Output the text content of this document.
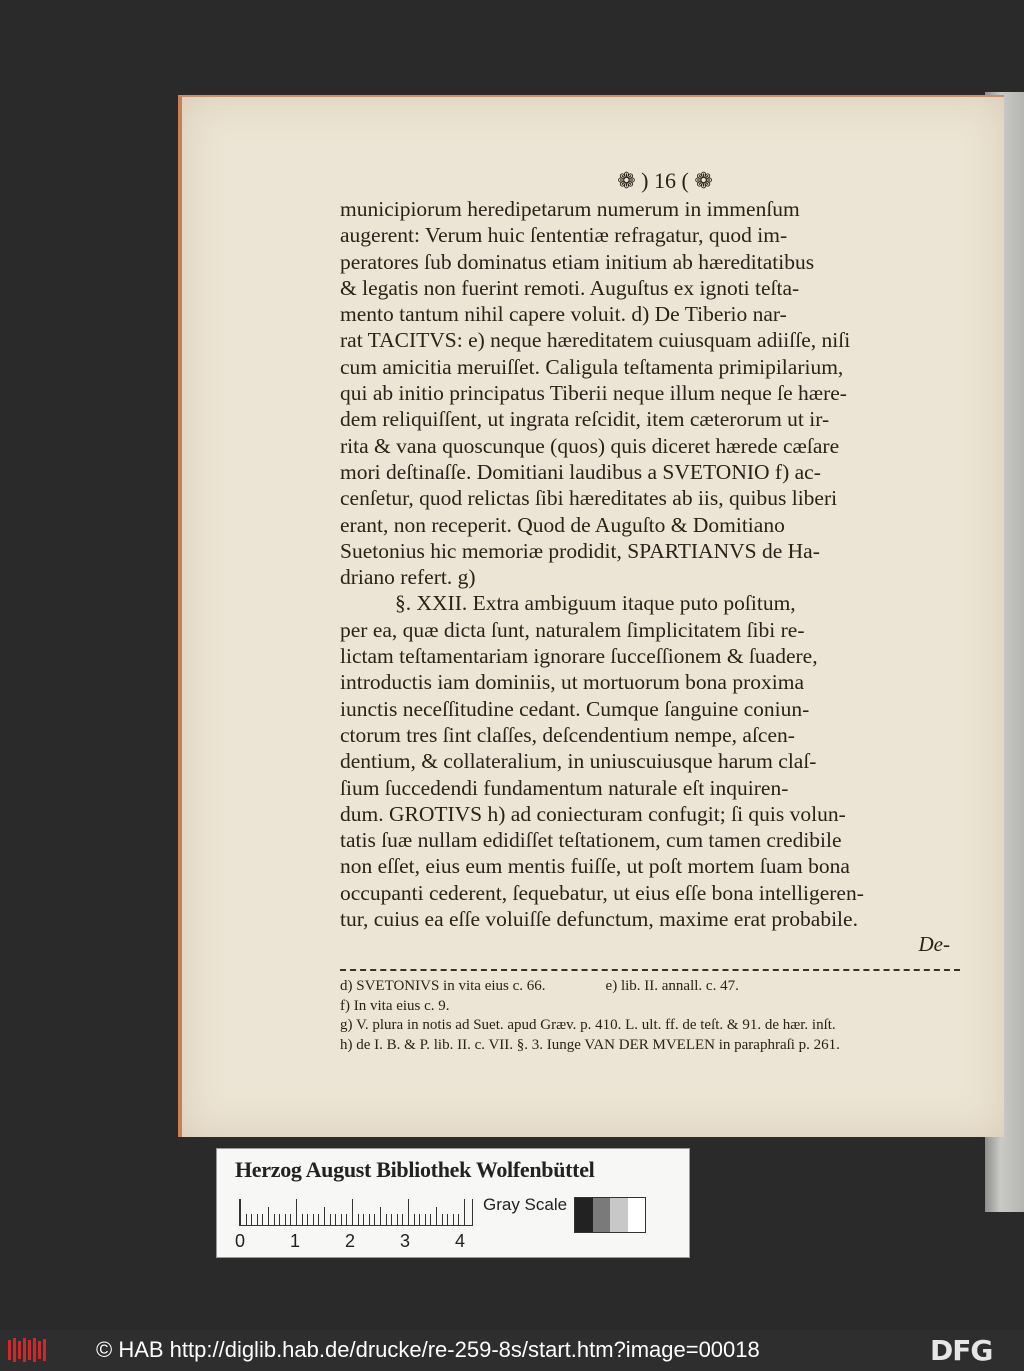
❁ ) 16 ( ❁

municipiorum heredipetarum numerum in immenſum

augerent: Verum huic ſententiæ refragatur, quod im-

peratores ſub dominatus etiam initium ab hæreditatibus

& legatis non fuerint remoti. Auguſtus ex ignoti teſta-

mento tantum nihil capere voluit. d) De Tiberio nar-

rat TACITVS: e) neque hæreditatem cuiusquam adiiſſe, niſi

cum amicitia meruiſſet. Caligula teſtamenta primipilarium,

qui ab initio principatus Tiberii neque illum neque ſe hære-

dem reliquiſſent, ut ingrata reſcidit, item cæterorum ut ir-

rita & vana quoscunque (quos) quis diceret hærede cæſare

mori deſtinaſſe. Domitiani laudibus a SVETONIO f) ac-

cenſetur, quod relictas ſibi hæreditates ab iis, quibus liberi

erant, non receperit. Quod de Auguſto & Domitiano

Suetonius hic memoriæ prodidit, SPARTIANVS de Ha-

driano refert. g)

§. XXII. Extra ambiguum itaque puto poſitum,

per ea, quæ dicta ſunt, naturalem ſimplicitatem ſibi re-

lictam teſtamentariam ignorare ſucceſſionem & ſuadere,

introductis iam dominiis, ut mortuorum bona proxima

iunctis neceſſitudine cedant. Cumque ſanguine coniun-

ctorum tres ſint claſſes, deſcendentium nempe, aſcen-

dentium, & collateralium, in uniuscuiusque harum claſ-

ſium ſuccedendi fundamentum naturale eſt inquiren-

dum. GROTIVS h) ad coniecturam confugit; ſi quis volun-

tatis ſuæ nullam edidiſſet teſtationem, cum tamen credibile

non eſſet, eius eum mentis fuiſſe, ut poſt mortem ſuam bona

occupanti cederent, ſequebatur, ut eius eſſe bona intelligeren-

tur, cuius ea eſſe voluiſſe defunctum, maxime erat probabile.

De-
d) SVETONIVS in vita eius c. 66.	e) lib. II. annall. c. 47.
f) In vita eius c. 9.
g) V. plura in notis ad Suet. apud Græv. p. 410. L. ult. ff. de teſt. & 91. de hær. inſt.
h) de I. B. & P. lib. II. c. VII. §. 3. Iunge VAN DER MVELEN in paraphraſi p. 261.
Herzog August Bibliothek Wolfenbüttel
0 1 2 3 4
Gray Scale
© HAB http://diglib.hab.de/drucke/re-259-8s/start.htm?image=00018	DFG
